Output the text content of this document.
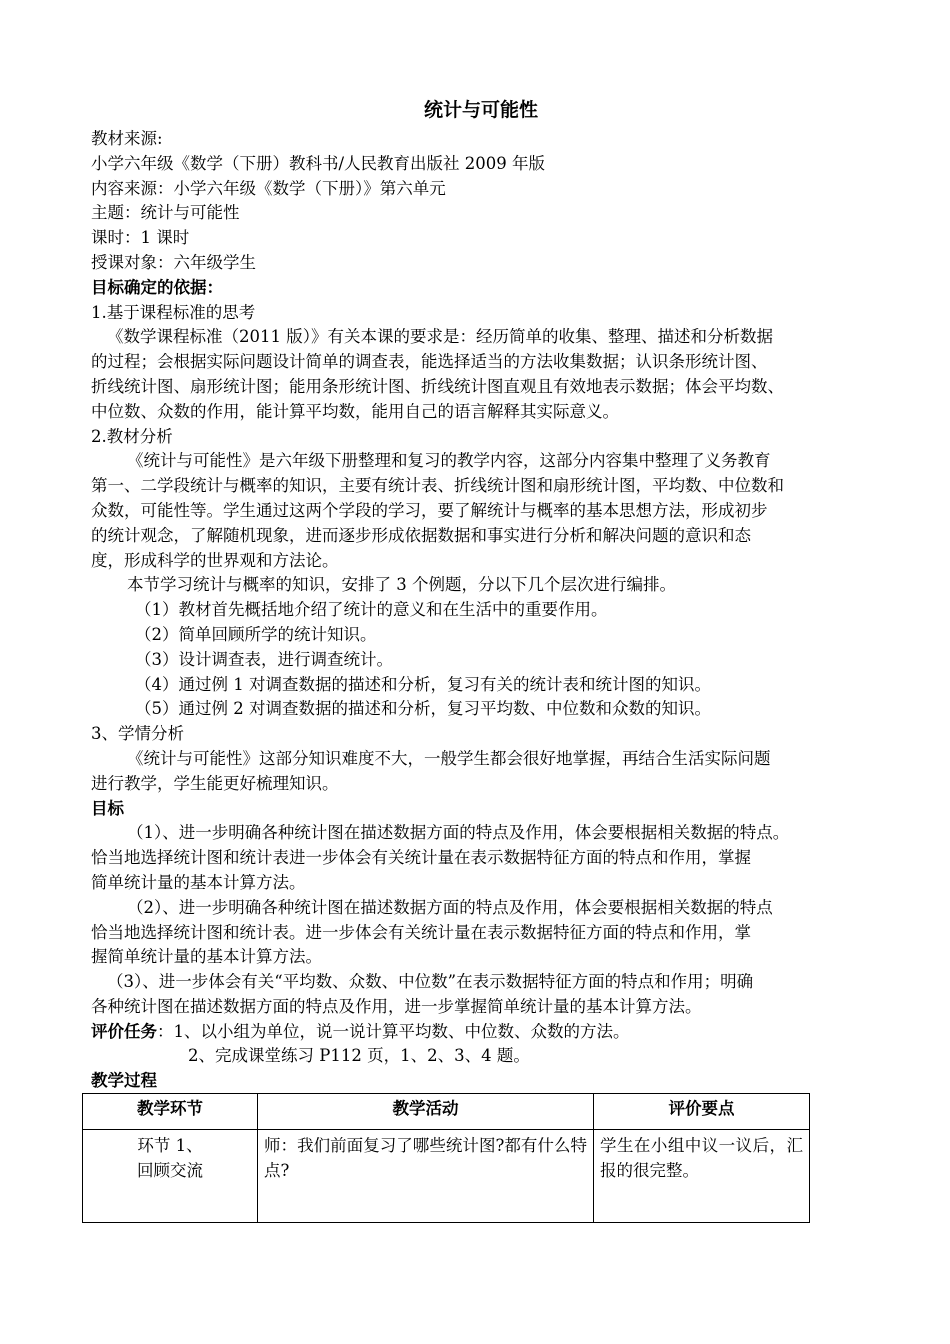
统计与可能性
教材来源:
小学六年级《数学（下册）教科书/人民教育出版社 2009 年版
内容来源：小学六年级《数学（下册）》第六单元
主题：统计与可能性
课时：1 课时
授课对象：六年级学生
目标确定的依据：
1.基于课程标准的思考
《数学课程标准（2011 版）》有关本课的要求是：经历简单的收集、整理、描述和分析数据
的过程；会根据实际问题设计简单的调查表，能选择适当的方法收集数据；认识条形统计图、
折线统计图、扇形统计图；能用条形统计图、折线统计图直观且有效地表示数据；体会平均数、
中位数、众数的作用，能计算平均数，能用自己的语言解释其实际意义。
2.教材分析
《统计与可能性》是六年级下册整理和复习的教学内容，这部分内容集中整理了义务教育
第一、二学段统计与概率的知识，主要有统计表、折线统计图和扇形统计图，平均数、中位数和
众数，可能性等。学生通过这两个学段的学习，要了解统计与概率的基本思想方法，形成初步
的统计观念，了解随机现象，进而逐步形成依据数据和事实进行分析和解决问题的意识和态
度，形成科学的世界观和方法论。
本节学习统计与概率的知识，安排了 3 个例题，分以下几个层次进行编排。
（1）教材首先概括地介绍了统计的意义和在生活中的重要作用。
（2）简单回顾所学的统计知识。
（3）设计调查表，进行调查统计。
（4）通过例 1 对调查数据的描述和分析，复习有关的统计表和统计图的知识。
（5）通过例 2 对调查数据的描述和分析，复习平均数、中位数和众数的知识。
3、学情分析
《统计与可能性》这部分知识难度不大，一般学生都会很好地掌握，再结合生活实际问题
进行教学，学生能更好梳理知识。
目标
（1）、进一步明确各种统计图在描述数据方面的特点及作用，体会要根据相关数据的特点。
恰当地选择统计图和统计表进一步体会有关统计量在表示数据特征方面的特点和作用，掌握
简单统计量的基本计算方法。
（2）、进一步明确各种统计图在描述数据方面的特点及作用，体会要根据相关数据的特点
恰当地选择统计图和统计表。进一步体会有关统计量在表示数据特征方面的特点和作用，掌
握简单统计量的基本计算方法。
（3）、进一步体会有关“平均数、众数、中位数”在表示数据特征方面的特点和作用；明确
各种统计图在描述数据方面的特点及作用，进一步掌握简单统计量的基本计算方法。
评价任务：1、以小组为单位，说一说计算平均数、中位数、众数的方法。
2、完成课堂练习 P112 页，1、2、3、4 题。
教学过程
教学环节	教学活动	评价要点

环节 1、
回顾交流	师：我们前面复习了哪些统计图?都有什么特点?	学生在小组中议一议后，汇报的很完整。
